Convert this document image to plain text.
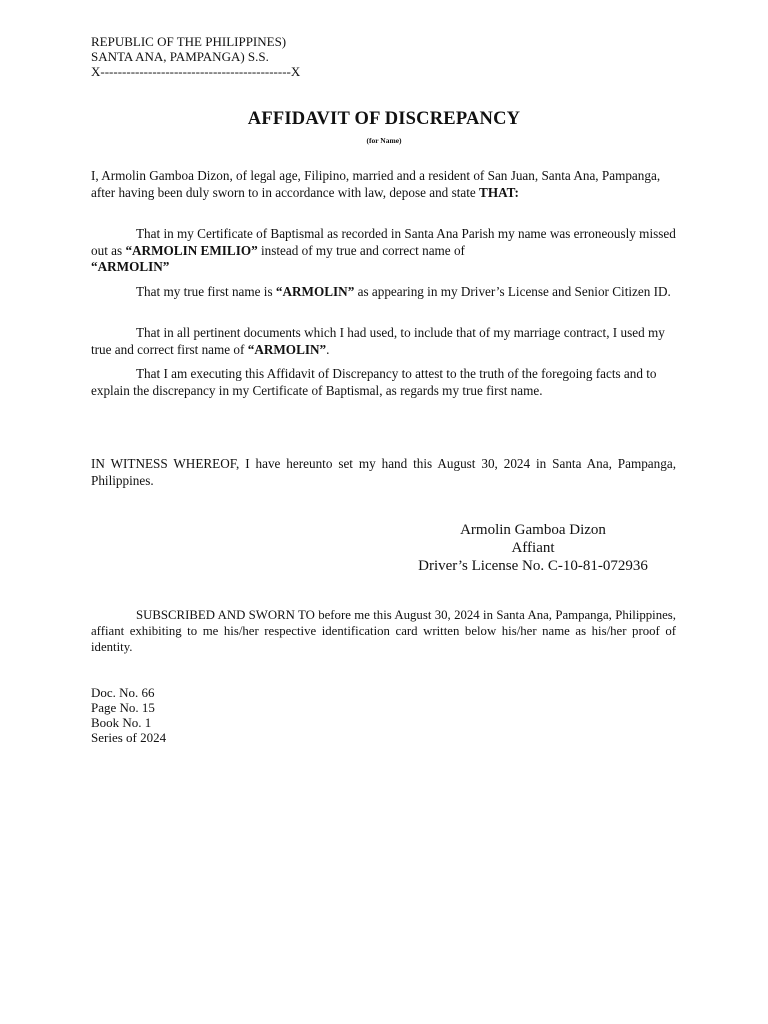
REPUBLIC OF THE PHILIPPINES)
SANTA ANA, PAMPANGA) S.S.
X--------------------------------------------X
AFFIDAVIT OF DISCREPANCY
(for Name)
I, Armolin Gamboa Dizon, of legal age, Filipino, married and a resident of San Juan, Santa Ana, Pampanga, after having been duly sworn to in accordance with law, depose and state THAT:
That in my Certificate of Baptismal as recorded in Santa Ana Parish my name was erroneously missed out as “ARMOLIN EMILIO” instead of my true and correct name of
“ARMOLIN”
That my true first name is “ARMOLIN” as appearing in my Driver’s License and Senior Citizen ID.
That in all pertinent documents which I had used, to include that of my marriage contract, I used my true and correct first name of “ARMOLIN”.
That I am executing this Affidavit of Discrepancy to attest to the truth of the foregoing facts and to explain the discrepancy in my Certificate of Baptismal, as regards my true first name.
IN WITNESS WHEREOF, I have hereunto set my hand this August 30, 2024 in Santa Ana, Pampanga, Philippines.
Armolin Gamboa Dizon
Affiant
Driver’s License No. C-10-81-072936
SUBSCRIBED AND SWORN TO before me this August 30, 2024 in Santa Ana, Pampanga, Philippines, affiant exhibiting to me his/her respective identification card written below his/her name as his/her proof of identity.
Doc. No. 66
Page No. 15
Book No. 1
Series of 2024
